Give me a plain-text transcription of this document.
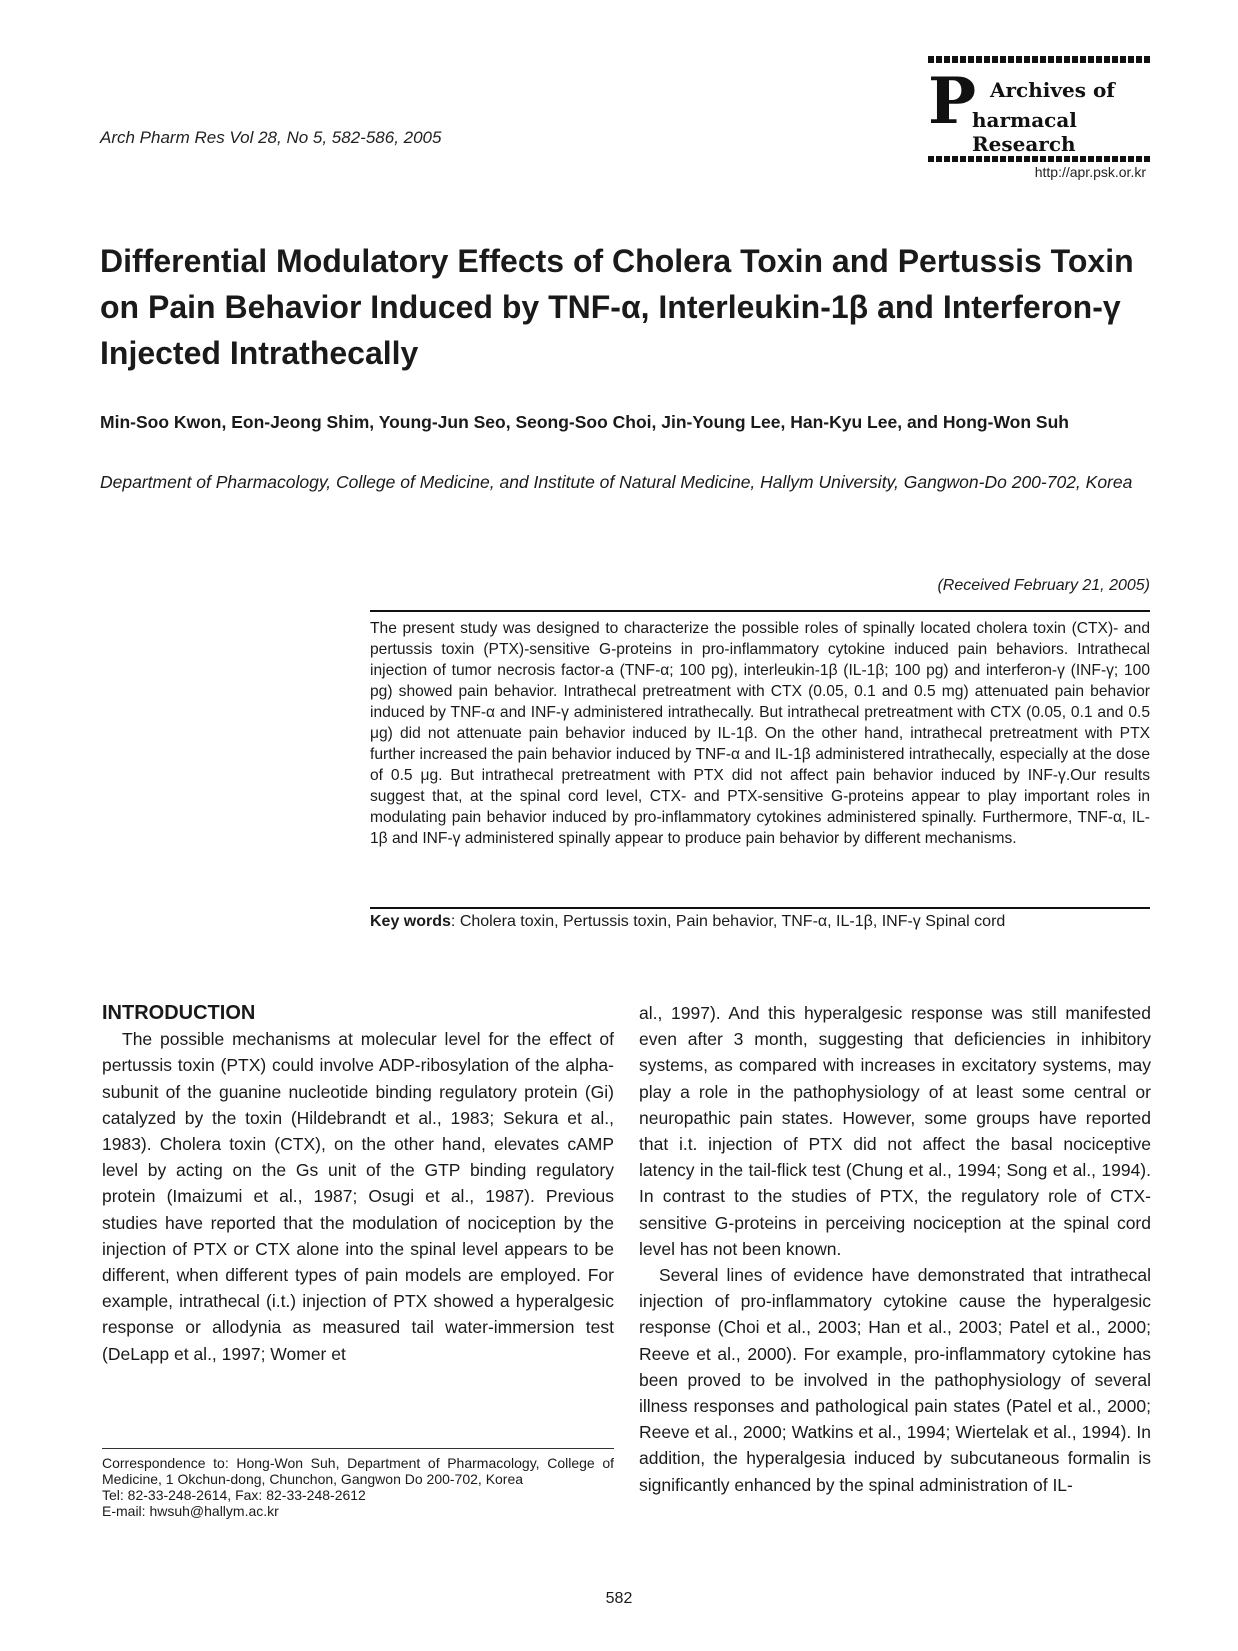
Arch Pharm Res Vol 28, No 5, 582-586, 2005	P Archives of
harmacal Research
http://apr.psk.or.kr
Differential Modulatory Effects of Cholera Toxin and Pertussis Toxin on Pain Behavior Induced by TNF-α, Interleukin-1β and Interferon-γ Injected Intrathecally
Min-Soo Kwon, Eon-Jeong Shim, Young-Jun Seo, Seong-Soo Choi, Jin-Young Lee, Han-Kyu Lee, and Hong-Won Suh
Department of Pharmacology, College of Medicine, and Institute of Natural Medicine, Hallym University, Gangwon-Do 200-702, Korea
(Received February 21, 2005)
The present study was designed to characterize the possible roles of spinally located cholera toxin (CTX)- and pertussis toxin (PTX)-sensitive G-proteins in pro-inflammatory cytokine induced pain behaviors. Intrathecal injection of tumor necrosis factor-a (TNF-α; 100 pg), interleukin-1β (IL-1β; 100 pg) and interferon-γ (INF-γ; 100 pg) showed pain behavior. Intrathecal pretreatment with CTX (0.05, 0.1 and 0.5 mg) attenuated pain behavior induced by TNF-α and INF-γ administered intrathecally. But intrathecal pretreatment with CTX (0.05, 0.1 and 0.5 μg) did not attenuate pain behavior induced by IL-1β. On the other hand, intrathecal pretreatment with PTX further increased the pain behavior induced by TNF-α and IL-1β administered intrathecally, especially at the dose of 0.5 μg. But intrathecal pretreatment with PTX did not affect pain behavior induced by INF-γ.Our results suggest that, at the spinal cord level, CTX- and PTX-sensitive G-proteins appear to play important roles in modulating pain behavior induced by pro-inflammatory cytokines administered spinally. Furthermore, TNF-α, IL-1β and INF-γ administered spinally appear to produce pain behavior by different mechanisms.
Key words: Cholera toxin, Pertussis toxin, Pain behavior, TNF-α, IL-1β, INF-γ Spinal cord

INTRODUCTION

The possible mechanisms at molecular level for the effect of pertussis toxin (PTX) could involve ADP-ribosylation of the alpha-subunit of the guanine nucleotide binding regulatory protein (Gi) catalyzed by the toxin (Hildebrandt et al., 1983; Sekura et al., 1983). Cholera toxin (CTX), on the other hand, elevates cAMP level by acting on the Gs unit of the GTP binding regulatory protein (Imaizumi et al., 1987; Osugi et al., 1987). Previous studies have reported that the modulation of nociception by the injection of PTX or CTX alone into the spinal level appears to be different, when different types of pain models are employed. For example, intrathecal (i.t.) injection of PTX showed a hyperalgesic response or allodynia as measured tail water-immersion test (DeLapp et al., 1997; Womer et

al., 1997). And this hyperalgesic response was still manifested even after 3 month, suggesting that deficiencies in inhibitory systems, as compared with increases in excitatory systems, may play a role in the pathophysiology of at least some central or neuropathic pain states. However, some groups have reported that i.t. injection of PTX did not affect the basal nociceptive latency in the tail-flick test (Chung et al., 1994; Song et al., 1994). In contrast to the studies of PTX, the regulatory role of CTX-sensitive G-proteins in perceiving nociception at the spinal cord level has not been known.

Several lines of evidence have demonstrated that intrathecal injection of pro-inflammatory cytokine cause the hyperalgesic response (Choi et al., 2003; Han et al., 2003; Patel et al., 2000; Reeve et al., 2000). For example, pro-inflammatory cytokine has been proved to be involved in the pathophysiology of several illness responses and pathological pain states (Patel et al., 2000; Reeve et al., 2000; Watkins et al., 1994; Wiertelak et al., 1994). In addition, the hyperalgesia induced by subcutaneous formalin is significantly enhanced by the spinal administration of IL-

Correspondence to: Hong-Won Suh, Department of Pharmacology, College of Medicine, 1 Okchun-dong, Chunchon, Gangwon Do 200-702, Korea
Tel: 82-33-248-2614, Fax: 82-33-248-2612
E-mail: hwsuh@hallym.ac.kr
582
